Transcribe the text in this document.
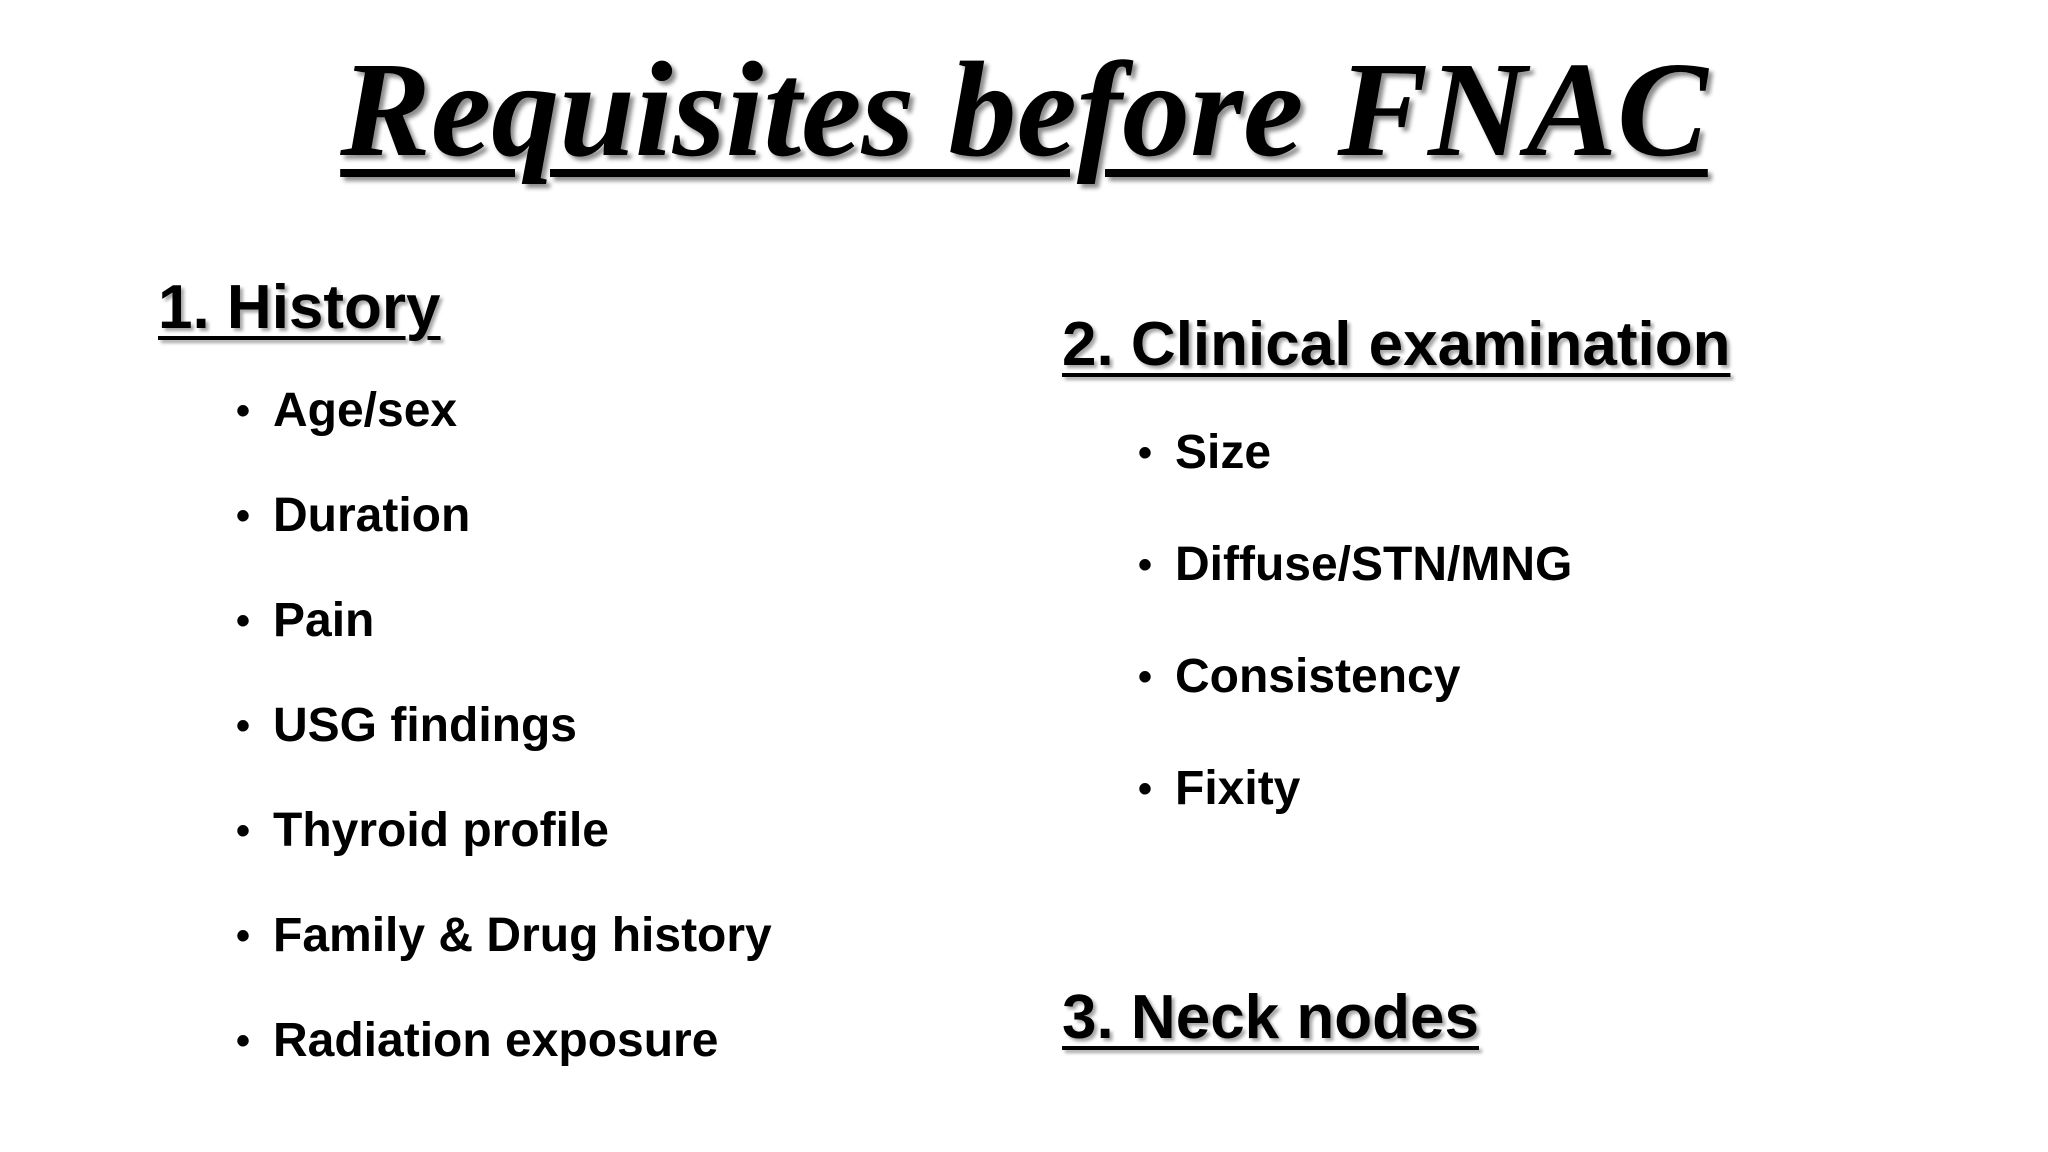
Requisites before FNAC
1. History
• Age/sex
• Duration
• Pain
• USG findings
• Thyroid profile
• Family & Drug history
• Radiation exposure
2. Clinical examination
• Size
• Diffuse/STN/MNG
• Consistency
• Fixity
3. Neck nodes
